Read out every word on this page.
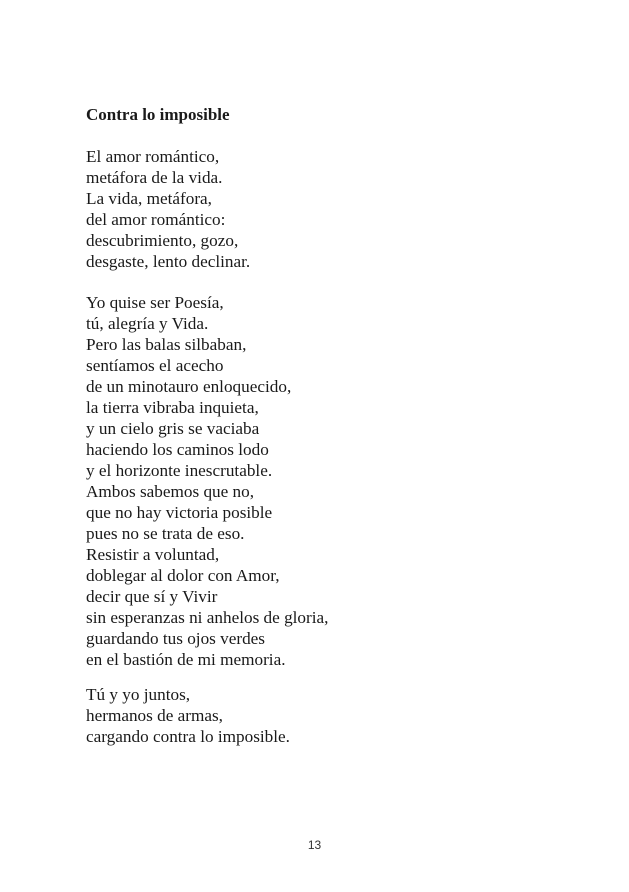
Contra lo imposible
El amor romántico,
metáfora de la vida.
La vida, metáfora,
del amor romántico:
descubrimiento, gozo,
desgaste, lento declinar.
Yo quise ser Poesía,
tú, alegría y Vida.
Pero las balas silbaban,
sentíamos el acecho
de un minotauro enloquecido,
la tierra vibraba inquieta,
y un cielo gris se vaciaba
haciendo los caminos lodo
y el horizonte inescrutable.
Ambos sabemos que no,
que no hay victoria posible
pues no se trata de eso.
Resistir a voluntad,
doblegar al dolor con Amor,
decir que sí y Vivir
sin esperanzas ni anhelos de gloria,
guardando tus ojos verdes
en el bastión de mi memoria.
Tú y yo juntos,
hermanos de armas,
cargando contra lo imposible.
13
